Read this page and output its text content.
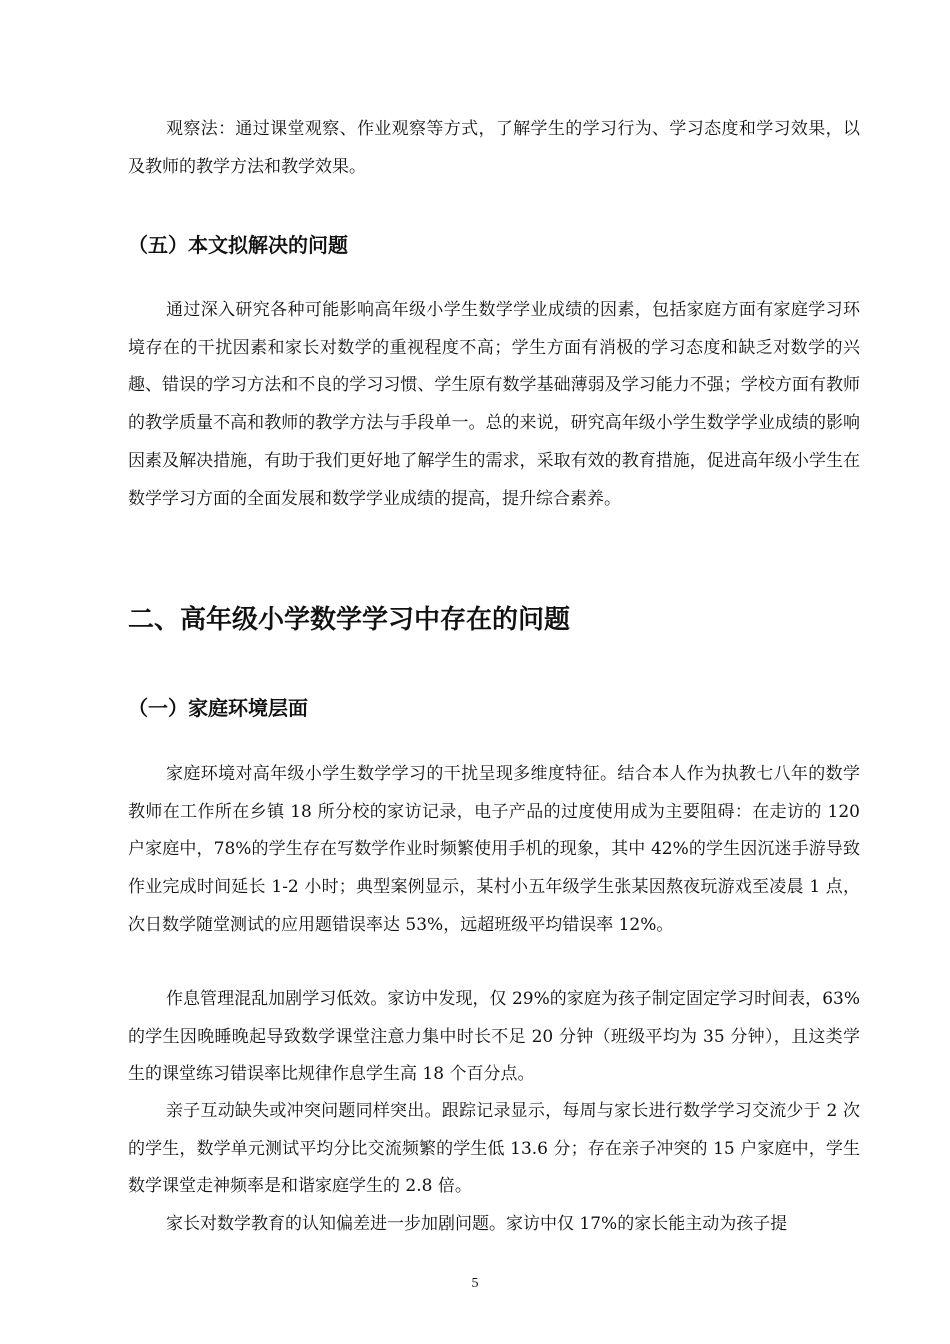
观察法：通过课堂观察、作业观察等方式，了解学生的学习行为、学习态度和学习效果，以及教师的教学方法和教学效果。

（五）本文拟解决的问题

通过深入研究各种可能影响高年级小学生数学学业成绩的因素，包括家庭方面有家庭学习环境存在的干扰因素和家长对数学的重视程度不高；学生方面有消极的学习态度和缺乏对数学的兴趣、错误的学习方法和不良的学习习惯、学生原有数学基础薄弱及学习能力不强；学校方面有教师的教学质量不高和教师的教学方法与手段单一。总的来说，研究高年级小学生数学学业成绩的影响因素及解决措施，有助于我们更好地了解学生的需求，采取有效的教育措施，促进高年级小学生在数学学习方面的全面发展和数学学业成绩的提高，提升综合素养。

二、高年级小学数学学习中存在的问题
（一）家庭环境层面

家庭环境对高年级小学生数学学习的干扰呈现多维度特征。结合本人作为执教七八年的数学教师在工作所在乡镇 18 所分校的家访记录，电子产品的过度使用成为主要阻碍：在走访的 120 户家庭中，78%的学生存在写数学作业时频繁使用手机的现象，其中 42%的学生因沉迷手游导致作业完成时间延长 1-2 小时；典型案例显示，某村小五年级学生张某因熬夜玩游戏至凌晨 1 点，次日数学随堂测试的应用题错误率达 53%，远超班级平均错误率 12%。

作息管理混乱加剧学习低效。家访中发现，仅 29%的家庭为孩子制定固定学习时间表，63%的学生因晚睡晚起导致数学课堂注意力集中时长不足 20 分钟（班级平均为 35 分钟），且这类学生的课堂练习错误率比规律作息学生高 18 个百分点。

亲子互动缺失或冲突问题同样突出。跟踪记录显示，每周与家长进行数学学习交流少于 2 次的学生，数学单元测试平均分比交流频繁的学生低 13.6 分；存在亲子冲突的 15 户家庭中，学生数学课堂走神频率是和谐家庭学生的 2.8 倍。

家长对数学教育的认知偏差进一步加剧问题。家访中仅 17%的家长能主动为孩子提

5
